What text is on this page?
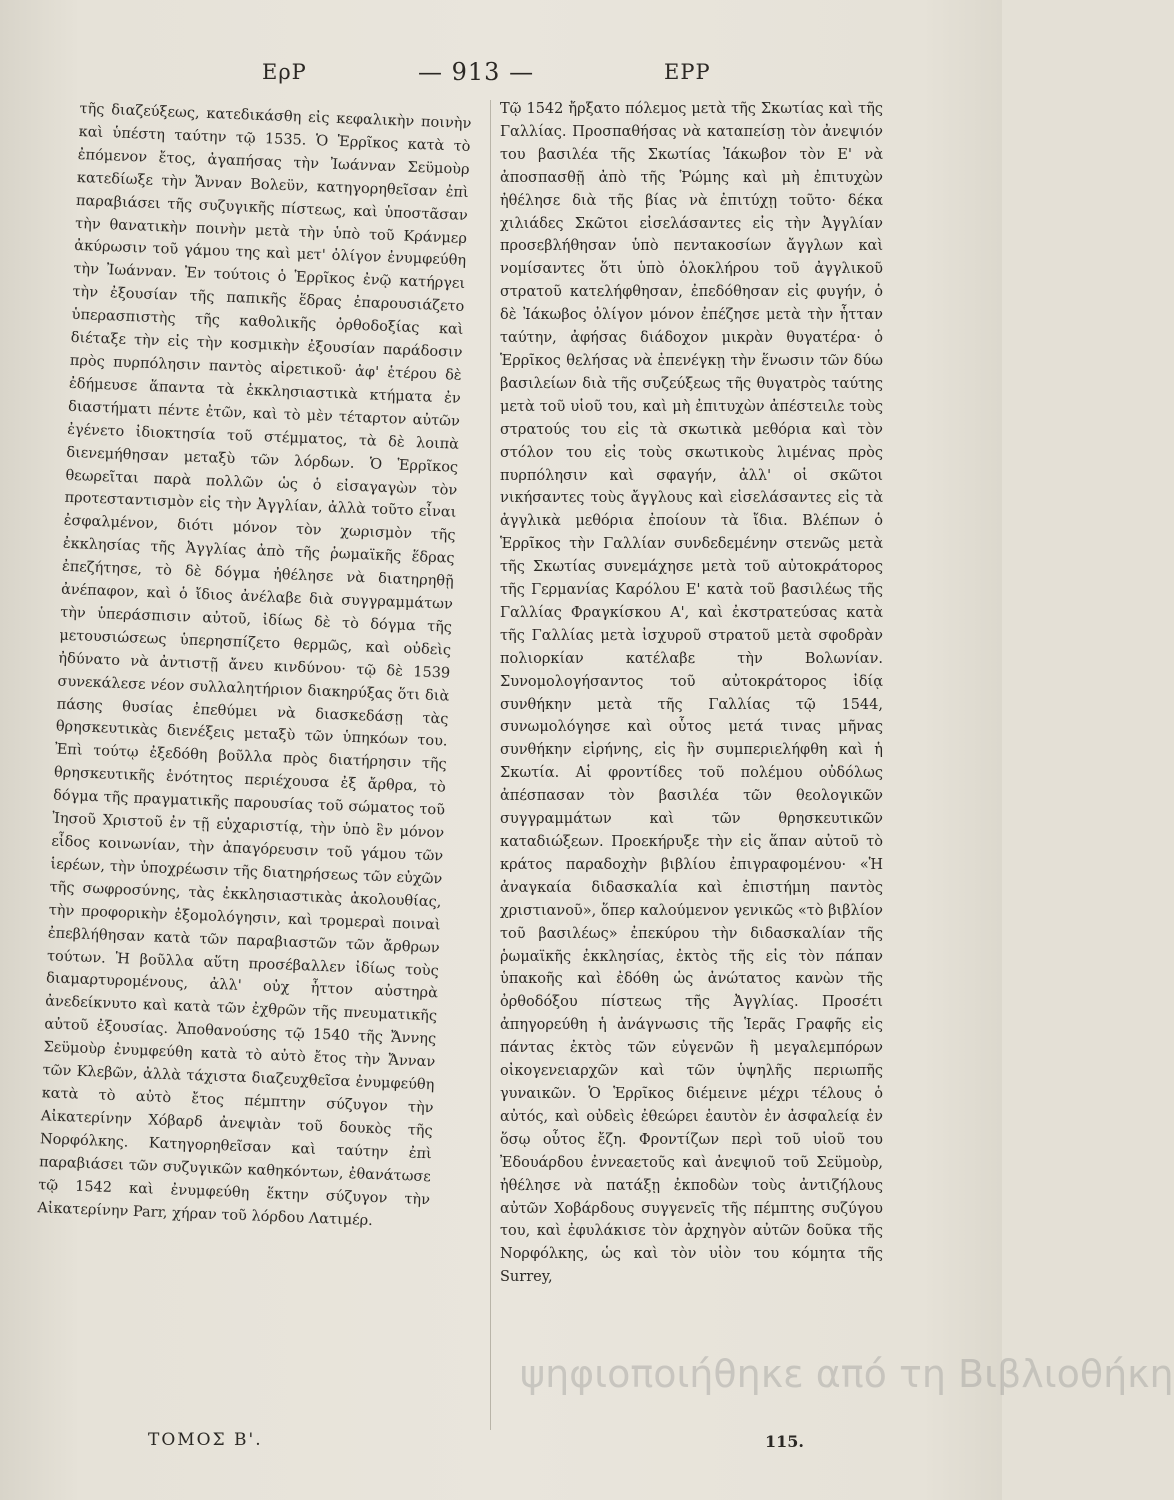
ΕρΡ	— 913 —	ΕΡΡ

τῆς διαζεύξεως, κατεδικάσθη εἰς κεφαλικὴν ποινὴν καὶ ὑπέστη ταύτην τῷ 1535. Ὁ Ἑρρῖκος κατὰ τὸ ἐπόμενον ἔτος, ἀγαπήσας τὴν Ἰωάνναν Σεϋμοὺρ κατεδίωξε τὴν Ἄνναν Βολεϋν, κατηγορηθεῖσαν ἐπὶ παραβιάσει τῆς συζυγικῆς πίστεως, καὶ ὑποστᾶσαν τὴν θανατικὴν ποινὴν μετὰ τὴν ὑπὸ τοῦ Κράνμερ ἀκύρωσιν τοῦ γάμου της καὶ μετ' ὀλίγον ἐνυμφεύθη τὴν Ἰωάνναν. Ἐν τούτοις ὁ Ἑρρῖκος ἐνῷ κατήργει τὴν ἐξουσίαν τῆς παπικῆς ἕδρας ἐπαρουσιάζετο ὑπερασπιστὴς τῆς καθολικῆς ὀρθοδοξίας καὶ διέταξε τὴν εἰς τὴν κοσμικὴν ἐξουσίαν παράδοσιν πρὸς πυρπόλησιν παντὸς αἱρετικοῦ· ἀφ' ἑτέρου δὲ ἐδήμευσε ἅπαντα τὰ ἐκκλησιαστικὰ κτήματα ἐν διαστήματι πέντε ἐτῶν, καὶ τὸ μὲν τέταρτον αὐτῶν ἐγένετο ἰδιοκτησία τοῦ στέμματος, τὰ δὲ λοιπὰ διενεμήθησαν μεταξὺ τῶν λόρδων. Ὁ Ἑρρῖκος θεωρεῖται παρὰ πολλῶν ὡς ὁ εἰσαγαγὼν τὸν προτεσταντισμὸν εἰς τὴν Ἀγγλίαν, ἀλλὰ τοῦτο εἶναι ἐσφαλμένον, διότι μόνον τὸν χωρισμὸν τῆς ἐκκλησίας τῆς Ἀγγλίας ἀπὸ τῆς ῥωμαϊκῆς ἕδρας ἐπεζήτησε, τὸ δὲ δόγμα ἠθέλησε νὰ διατηρηθῇ ἀνέπαφον, καὶ ὁ ἴδιος ἀνέλαβε διὰ συγγραμμάτων τὴν ὑπεράσπισιν αὐτοῦ, ἰδίως δὲ τὸ δόγμα τῆς μετουσιώσεως ὑπερησπίζετο θερμῶς, καὶ οὐδεὶς ἠδύνατο νὰ ἀντιστῇ ἄνευ κινδύνου· τῷ δὲ 1539 συνεκάλεσε νέον συλλαλητήριον διακηρύξας ὅτι διὰ πάσης θυσίας ἐπεθύμει νὰ διασκεδάσῃ τὰς θρησκευτικὰς διενέξεις μεταξὺ τῶν ὑπηκόων του. Ἐπὶ τούτῳ ἐξεδόθη βοῦλλα πρὸς διατήρησιν τῆς θρησκευτικῆς ἑνότητος περιέχουσα ἐξ ἄρθρα, τὸ δόγμα τῆς πραγματικῆς παρουσίας τοῦ σώματος τοῦ Ἰησοῦ Χριστοῦ ἐν τῇ εὐχαριστίᾳ, τὴν ὑπὸ ἓν μόνον εἶδος κοινωνίαν, τὴν ἀπαγόρευσιν τοῦ γάμου τῶν ἱερέων, τὴν ὑποχρέωσιν τῆς διατηρήσεως τῶν εὐχῶν τῆς σωφροσύνης, τὰς ἐκκλησιαστικὰς ἀκολουθίας, τὴν προφορικὴν ἐξομολόγησιν, καὶ τρομεραὶ ποιναὶ ἐπεβλήθησαν κατὰ τῶν παραβιαστῶν τῶν ἄρθρων τούτων. Ἡ βοῦλλα αὕτη προσέβαλλεν ἰδίως τοὺς διαμαρτυρομένους, ἀλλ' οὐχ ἧττον αὐστηρὰ ἀνεδείκνυτο καὶ κατὰ τῶν ἐχθρῶν τῆς πνευματικῆς αὐτοῦ ἐξουσίας. Ἀποθανούσης τῷ 1540 τῆς Ἄννης Σεϋμοὺρ ἐνυμφεύθη κατὰ τὸ αὐτὸ ἔτος τὴν Ἄνναν τῶν Κλεβῶν, ἀλλὰ τάχιστα διαζευχθεῖσα ἐνυμφεύθη κατὰ τὸ αὐτὸ ἔτος πέμπτην σύζυγον τὴν Αἰκατερίνην Χόβαρδ ἀνεψιὰν τοῦ δουκὸς τῆς Νορφόλκης. Κατηγορηθεῖσαν καὶ ταύτην ἐπὶ παραβιάσει τῶν συζυγικῶν καθηκόντων, ἐθανάτωσε τῷ 1542 καὶ ἐνυμφεύθη ἕκτην σύζυγον τὴν Αἰκατερίνην Parr, χήραν τοῦ λόρδου Λατιμέρ.

Τῷ 1542 ἤρξατο πόλεμος μετὰ τῆς Σκωτίας καὶ τῆς Γαλλίας. Προσπαθήσας νὰ καταπείσῃ τὸν ἀνεψιόν του βασιλέα τῆς Σκωτίας Ἰάκωβον τὸν Ε' νὰ ἀποσπασθῇ ἀπὸ τῆς Ῥώμης καὶ μὴ ἐπιτυχὼν ἠθέλησε διὰ τῆς βίας νὰ ἐπιτύχῃ τοῦτο· δέκα χιλιάδες Σκῶτοι εἰσελάσαντες εἰς τὴν Ἀγγλίαν προσεβλήθησαν ὑπὸ πεντακοσίων ἄγγλων καὶ νομίσαντες ὅτι ὑπὸ ὁλοκλήρου τοῦ ἀγγλικοῦ στρατοῦ κατελήφθησαν, ἐπεδόθησαν εἰς φυγήν, ὁ δὲ Ἰάκωβος ὀλίγον μόνον ἐπέζησε μετὰ τὴν ἧτταν ταύτην, ἀφήσας διάδοχον μικρὰν θυγατέρα· ὁ Ἑρρῖκος θελήσας νὰ ἐπενέγκῃ τὴν ἕνωσιν τῶν δύω βασιλείων διὰ τῆς συζεύξεως τῆς θυγατρὸς ταύτης μετὰ τοῦ υἱοῦ του, καὶ μὴ ἐπιτυχὼν ἀπέστειλε τοὺς στρατούς του εἰς τὰ σκωτικὰ μεθόρια καὶ τὸν στόλον του εἰς τοὺς σκωτικοὺς λιμένας πρὸς πυρπόλησιν καὶ σφαγήν, ἀλλ' οἱ σκῶτοι νικήσαντες τοὺς ἄγγλους καὶ εἰσελάσαντες εἰς τὰ ἀγγλικὰ μεθόρια ἐποίουν τὰ ἴδια. Βλέπων ὁ Ἑρρῖκος τὴν Γαλλίαν συνδεδεμένην στενῶς μετὰ τῆς Σκωτίας συνεμάχησε μετὰ τοῦ αὐτοκράτορος τῆς Γερμανίας Καρόλου Ε' κατὰ τοῦ βασιλέως τῆς Γαλλίας Φραγκίσκου Α', καὶ ἐκστρατεύσας κατὰ τῆς Γαλλίας μετὰ ἰσχυροῦ στρατοῦ μετὰ σφοδρὰν πολιορκίαν κατέλαβε τὴν Βολωνίαν. Συνομολογήσαντος τοῦ αὐτοκράτορος ἰδίᾳ συνθήκην μετὰ τῆς Γαλλίας τῷ 1544, συνωμολόγησε καὶ οὗτος μετά τινας μῆνας συνθήκην εἰρήνης, εἰς ἣν συμπεριελήφθη καὶ ἡ Σκωτία. Αἱ φροντίδες τοῦ πολέμου οὐδόλως ἀπέσπασαν τὸν βασιλέα τῶν θεολογικῶν συγγραμμάτων καὶ τῶν θρησκευτικῶν καταδιώξεων. Προεκήρυξε τὴν εἰς ἅπαν αὐτοῦ τὸ κράτος παραδοχὴν βιβλίου ἐπιγραφομένου· «Ἡ ἀναγκαία διδασκαλία καὶ ἐπιστήμη παντὸς χριστιανοῦ», ὅπερ καλούμενον γενικῶς «τὸ βιβλίον τοῦ βασιλέως» ἐπεκύρου τὴν διδασκαλίαν τῆς ῥωμαϊκῆς ἐκκλησίας, ἐκτὸς τῆς εἰς τὸν πάπαν ὑπακοῆς καὶ ἐδόθη ὡς ἀνώτατος κανὼν τῆς ὀρθοδόξου πίστεως τῆς Ἀγγλίας. Προσέτι ἀπηγορεύθη ἡ ἀνάγνωσις τῆς Ἱερᾶς Γραφῆς εἰς πάντας ἐκτὸς τῶν εὐγενῶν ἢ μεγαλεμπόρων οἰκογενειαρχῶν καὶ τῶν ὑψηλῆς περιωπῆς γυναικῶν. Ὁ Ἑρρῖκος διέμεινε μέχρι τέλους ὁ αὐτός, καὶ οὐδεὶς ἐθεώρει ἑαυτὸν ἐν ἀσφαλείᾳ ἐν ὅσῳ οὗτος ἔζη. Φροντίζων περὶ τοῦ υἱοῦ του Ἐδουάρδου ἐννεαετοῦς καὶ ἀνεψιοῦ τοῦ Σεϋμοὺρ, ἠθέλησε νὰ πατάξῃ ἐκποδὼν τοὺς ἀντιζήλους αὐτῶν Χοβάρδους συγγενεῖς τῆς πέμπτης συζύγου του, καὶ ἐφυλάκισε τὸν ἀρχηγὸν αὐτῶν δοῦκα τῆς Νορφόλκης, ὡς καὶ τὸν υἱὸν του κόμητα τῆς Surrey,

ψηφιοποιήθηκε από τη Βιβλιοθήκη
ΤΟΜΟΣ Β'.	115.
